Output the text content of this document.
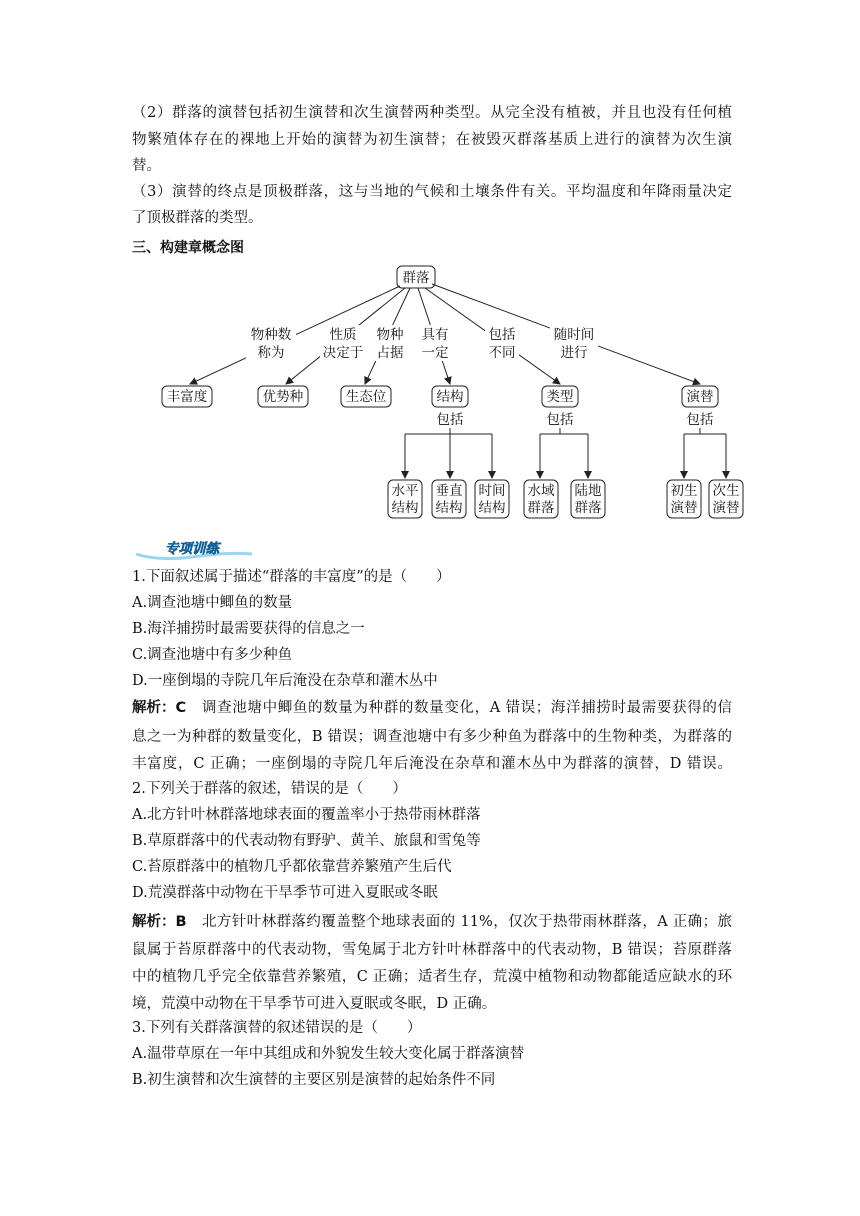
（2）群落的演替包括初生演替和次生演替两种类型。从完全没有植被，并且也没有任何植
物繁殖体存在的裸地上开始的演替为初生演替；在被毁灭群落基质上进行的演替为次生演
替。
（3）演替的终点是顶极群落，这与当地的气候和土壤条件有关。平均温度和年降雨量决定
了顶极群落的类型。
三、构建章概念图
群落
物种数
称为
性质
决定于
物种
占据
具有
一定
包括
不同
随时间
进行
丰富度	优势种	生态位	结构	类型	演替
包括	包括	包括
水平
结构
垂直
结构
时间
结构
水域
群落
陆地
群落
初生
演替
次生
演替
专项训练
1.下面叙述属于描述“群落的丰富度”的是（　　）
A.调查池塘中鲫鱼的数量
B.海洋捕捞时最需要获得的信息之一
C.调查池塘中有多少种鱼
D.一座倒塌的寺院几年后淹没在杂草和灌木丛中
解析：C	调查池塘中鲫鱼的数量为种群的数量变化，A 错误；海洋捕捞时最需要获得的信
息之一为种群的数量变化，B 错误；调查池塘中有多少种鱼为群落中的生物种类，为群落的
丰富度，C 正确；一座倒塌的寺院几年后淹没在杂草和灌木丛中为群落的演替，D 错误。
2.下列关于群落的叙述，错误的是（　　）
A.北方针叶林群落地球表面的覆盖率小于热带雨林群落
B.草原群落中的代表动物有野驴、黄羊、旅鼠和雪兔等
C.苔原群落中的植物几乎都依靠营养繁殖产生后代
D.荒漠群落中动物在干旱季节可进入夏眠或冬眠
解析：B	北方针叶林群落约覆盖整个地球表面的 11%，仅次于热带雨林群落，A 正确；旅
鼠属于苔原群落中的代表动物，雪兔属于北方针叶林群落中的代表动物，B 错误；苔原群落
中的植物几乎完全依靠营养繁殖，C 正确；适者生存，荒漠中植物和动物都能适应缺水的环
境，荒漠中动物在干旱季节可进入夏眠或冬眠，D 正确。
3.下列有关群落演替的叙述错误的是（　　）
A.温带草原在一年中其组成和外貌发生较大变化属于群落演替
B.初生演替和次生演替的主要区别是演替的起始条件不同
